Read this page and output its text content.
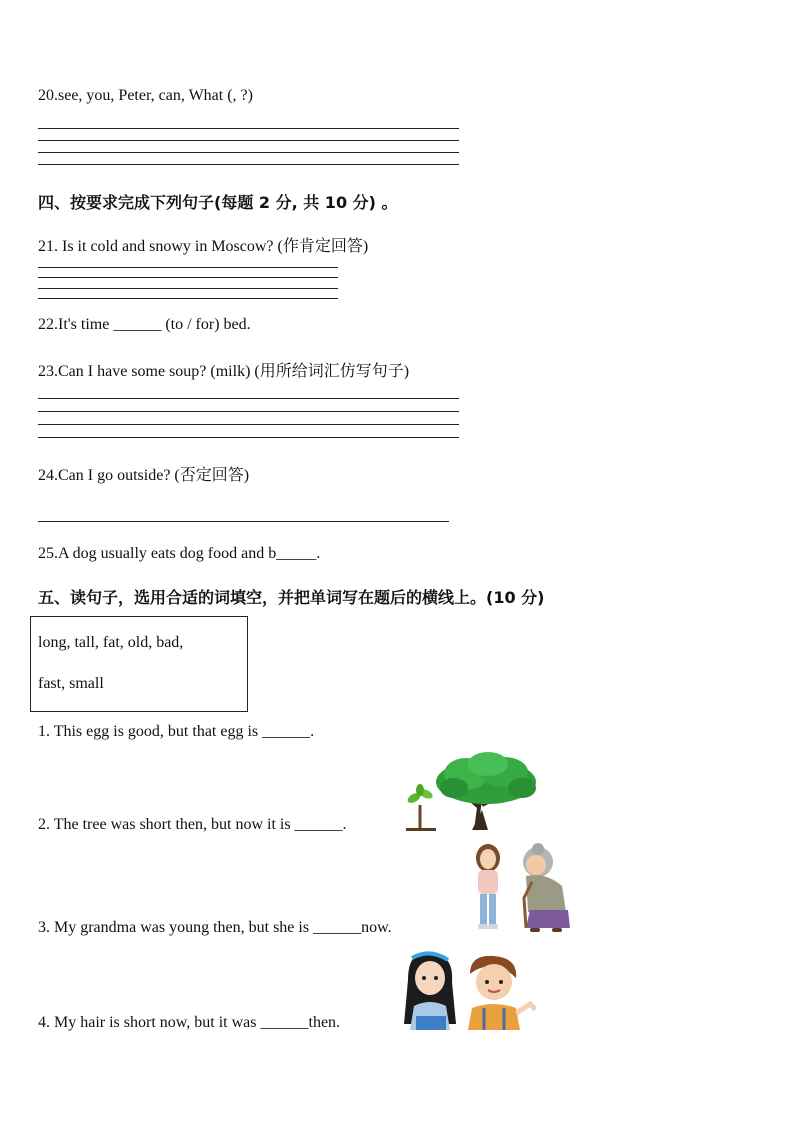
20.see, you, Peter, can, What (, ?)
四、按要求完成下列句子(每题 2 分, 共 10 分) 。
21. Is it cold and snowy in Moscow? (作肯定回答)
22.It's time ______ (to / for) bed.
23.Can I have some soup? (milk) (用所给词汇仿写句子)
24.Can I go outside? (否定回答)
25.A dog usually eats dog food and b_____.
五、读句子，选用合适的词填空，并把单词写在题后的横线上。(10 分)
long, tall, fat, old, bad,
fast, small
1. This egg is good, but that egg is ______.
2. The tree was short then, but now it is ______.
3. My grandma was young then, but she is ______now.
4. My hair is short now, but it was ______then.
